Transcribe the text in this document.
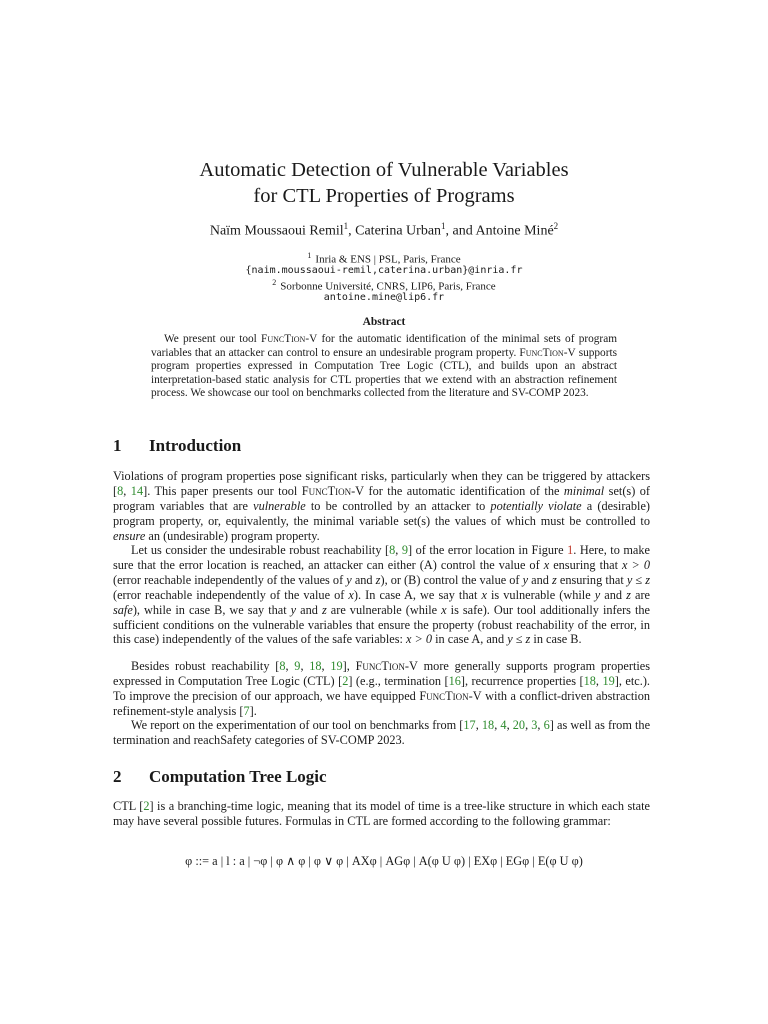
Automatic Detection of Vulnerable Variables
for CTL Properties of Programs
Naïm Moussaoui Remil$^1$, Caterina Urban$^1$, and Antoine Miné$^2$
$^1$ Inria & ENS | PSL, Paris, France
{naim.moussaoui-remil,caterina.urban}@inria.fr
$^2$ Sorbonne Université, CNRS, LIP6, Paris, France
antoine.mine@lip6.fr
Abstract
We present our tool FuncTion-V for the automatic identification of the minimal sets of program variables that an attacker can control to ensure an undesirable program property. FuncTion-V supports program properties expressed in Computation Tree Logic (CTL), and builds upon an abstract interpretation-based static analysis for CTL properties that we extend with an abstraction refinement process. We showcase our tool on benchmarks collected from the literature and SV-COMP 2023.
1 Introduction
Violations of program properties pose significant risks, particularly when they can be triggered by attackers [8, 14]. This paper presents our tool FuncTion-V for the automatic identification of the minimal set(s) of program variables that are vulnerable to be controlled by an attacker to potentially violate a (desirable) program property, or, equivalently, the minimal variable set(s) the values of which must be controlled to ensure an (undesirable) program property.
Let us consider the undesirable robust reachability [8, 9] of the error location in Figure 1. Here, to make sure that the error location is reached, an attacker can either (A) control the value of x ensuring that x > 0 (error reachable independently of the values of y and z), or (B) control the value of y and z ensuring that y ≤ z (error reachable independently of the value of x). In case A, we say that x is vulnerable (while y and z are safe), while in case B, we say that y and z are vulnerable (while x is safe). Our tool additionally infers the sufficient conditions on the vulnerable variables that ensure the property (robust reachability of the error, in this case) independently of the values of the safe variables: x > 0 in case A, and y ≤ z in case B.
Besides robust reachability [8, 9, 18, 19], FuncTion-V more generally supports program properties expressed in Computation Tree Logic (CTL) [2] (e.g., termination [16], recurrence properties [18, 19], etc.). To improve the precision of our approach, we have equipped FuncTion-V with a conflict-driven abstraction refinement-style analysis [7].
We report on the experimentation of our tool on benchmarks from [17, 18, 4, 20, 3, 6] as well as from the termination and reachSafety categories of SV-COMP 2023.
2 Computation Tree Logic
CTL [2] is a branching-time logic, meaning that its model of time is a tree-like structure in which each state may have several possible futures. Formulas in CTL are formed according to the following grammar:
φ ::= a | l : a | ¬φ | φ ∧ φ | φ ∨ φ | AXφ | AGφ | A(φ U φ) | EXφ | EGφ | E(φ U φ)
